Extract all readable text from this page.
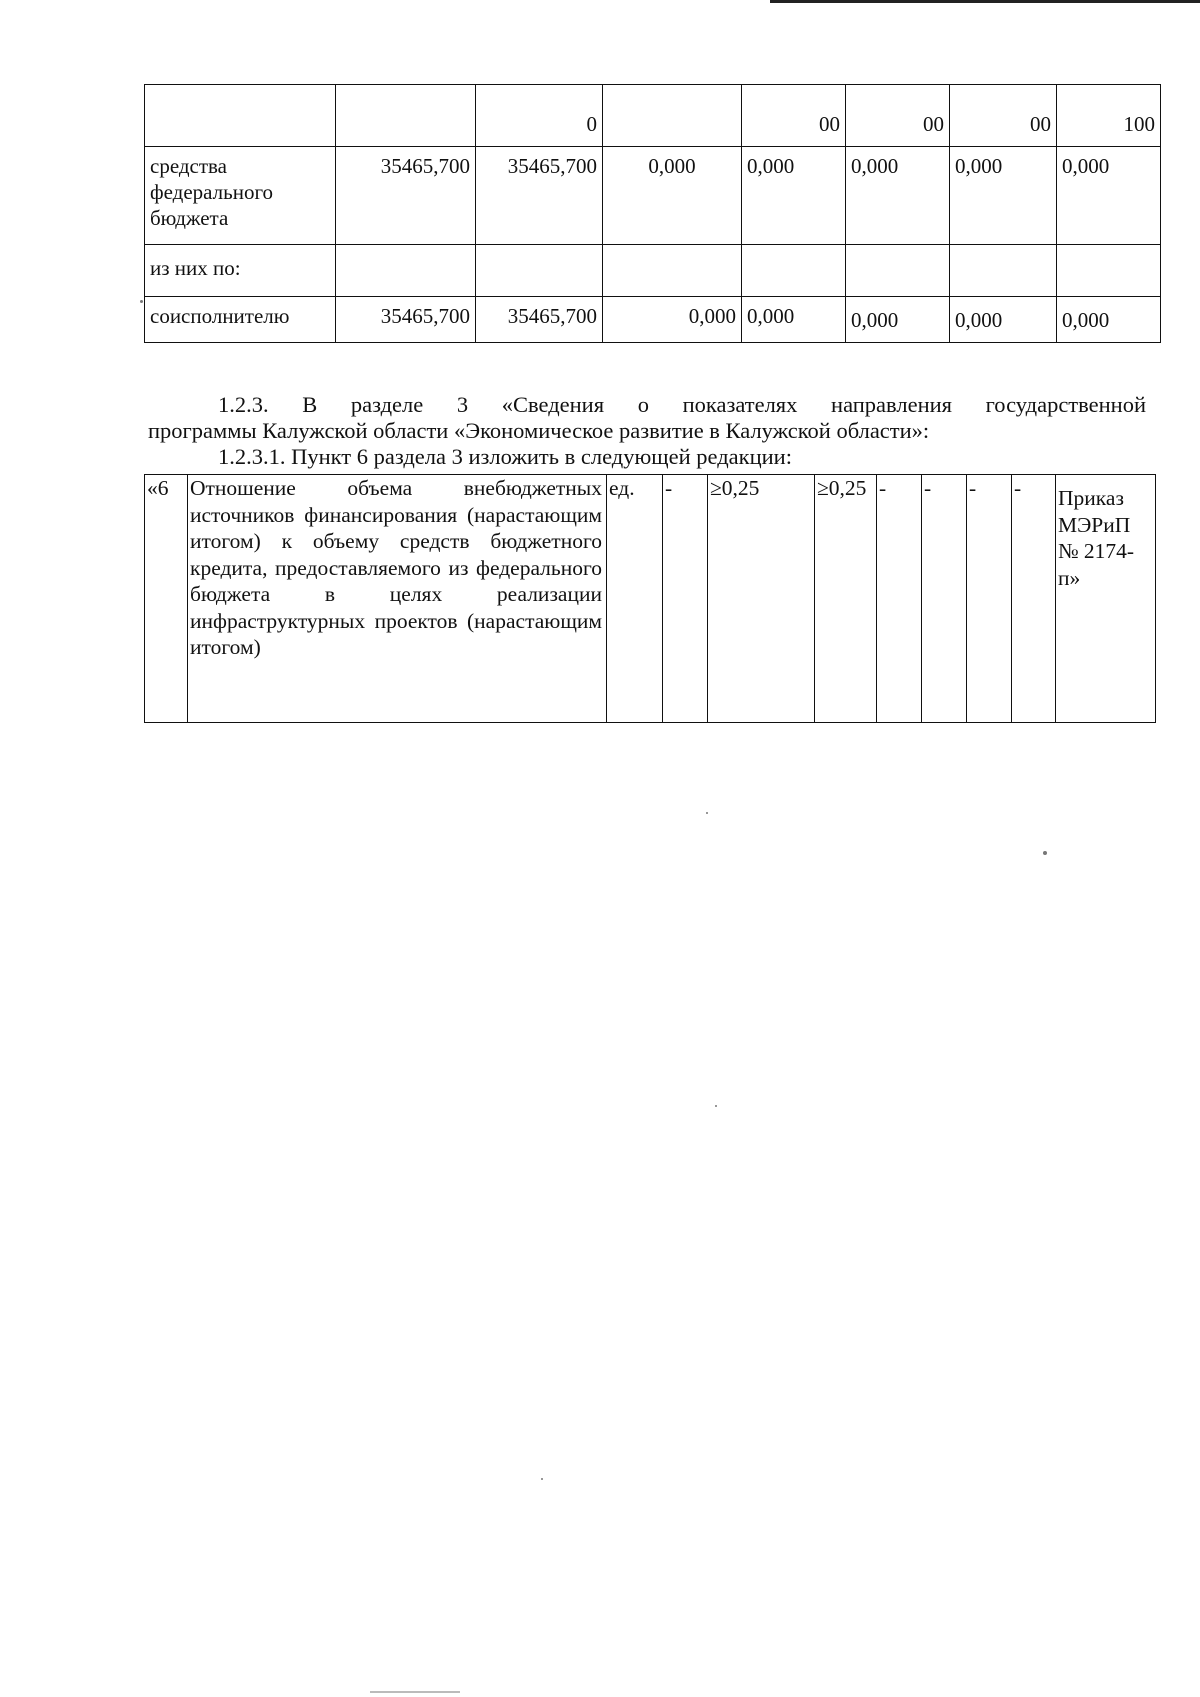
		0		00	00	00	100
средства федерального бюджета	35465,700	35465,700	0,000	0,000	0,000	0,000	0,000
из них по:							
соисполнителю	35465,700	35465,700	0,000	0,000	0,000	0,000	0,000
1.2.3. В разделе 3 «Сведения о показателях направления государственной
программы Калужской области «Экономическое развитие в Калужской области»:
1.2.3.1. Пункт 6 раздела 3 изложить в следующей редакции:
«6	Отношение объема внебюджетных источников финансирования (нарастающим итогом) к объему средств бюджетного кредита, предоставляемого из федерального бюджета в целях реализации инфраструктурных проектов (нарастающим итогом)	ед.	-	≥0,25	≥0,25	-	-	-	-	Приказ МЭРиП № 2174-п»
